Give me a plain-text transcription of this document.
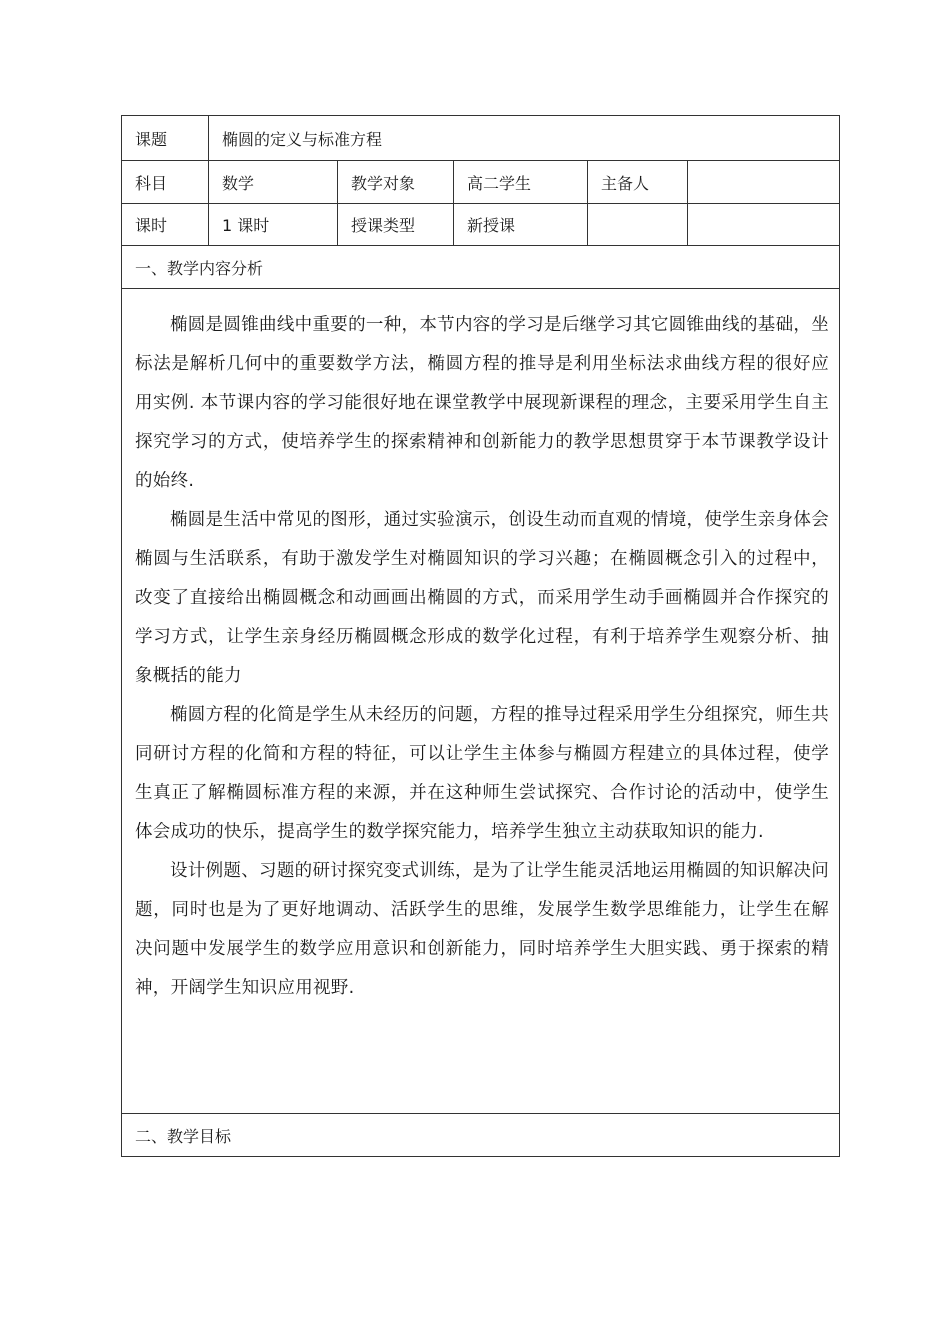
课题	椭圆的定义与标准方程				
科目	数学	教学对象	高二学生	主备人	
课时	1 课时	授课类型	新授课		
一、教学内容分析					

椭圆是圆锥曲线中重要的一种，本节内容的学习是后继学习其它圆锥曲线的基础，坐标法是解析几何中的重要数学方法，椭圆方程的推导是利用坐标法求曲线方程的很好应用实例. 本节课内容的学习能很好地在课堂教学中展现新课程的理念，主要采用学生自主探究学习的方式，使培养学生的探索精神和创新能力的教学思想贯穿于本节课教学设计的始终.

椭圆是生活中常见的图形，通过实验演示，创设生动而直观的情境，使学生亲身体会椭圆与生活联系，有助于激发学生对椭圆知识的学习兴趣；在椭圆概念引入的过程中，改变了直接给出椭圆概念和动画画出椭圆的方式，而采用学生动手画椭圆并合作探究的学习方式，让学生亲身经历椭圆概念形成的数学化过程，有利于培养学生观察分析、抽象概括的能力

椭圆方程的化简是学生从未经历的问题，方程的推导过程采用学生分组探究，师生共同研讨方程的化简和方程的特征，可以让学生主体参与椭圆方程建立的具体过程，使学生真正了解椭圆标准方程的来源，并在这种师生尝试探究、合作讨论的活动中，使学生体会成功的快乐，提高学生的数学探究能力，培养学生独立主动获取知识的能力.

设计例题、习题的研讨探究变式训练，是为了让学生能灵活地运用椭圆的知识解决问题，同时也是为了更好地调动、活跃学生的思维，发展学生数学思维能力，让学生在解决问题中发展学生的数学应用意识和创新能力，同时培养学生大胆实践、勇于探索的精神，开阔学生知识应用视野.					

二、教学目标					
